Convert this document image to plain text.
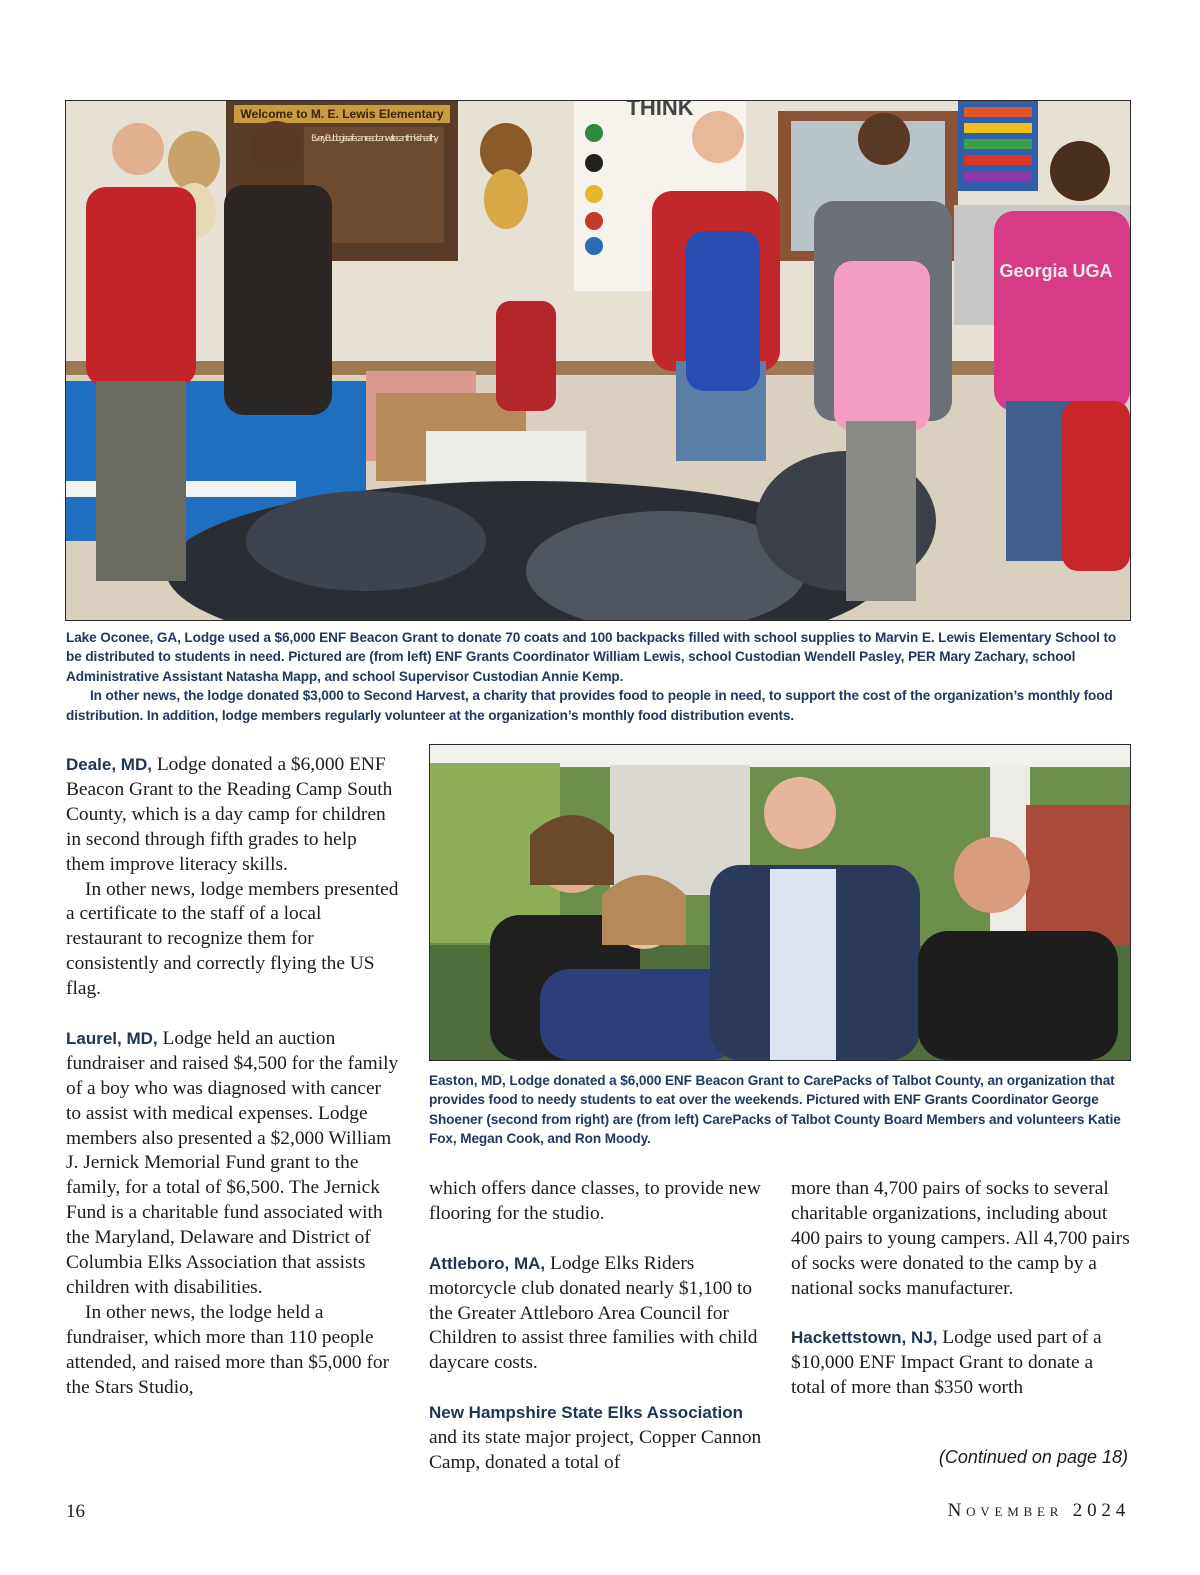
Welcome to M. E. Lewis Elementary
Every Bulldog is safe can read can write can think is healthy
THINK
Georgia UGA

Lake Oconee, GA, Lodge used a $6,000 ENF Beacon Grant to donate 70 coats and 100 backpacks filled with school supplies to Marvin E. Lewis Elementary School to be distributed to students in need. Pictured are (from left) ENF Grants Coordinator William Lewis, school Custodian Wendell Pasley, PER Mary Zachary, school Administrative Assistant Natasha Mapp, and school Supervisor Custodian Annie Kemp.

In other news, the lodge donated $3,000 to Second Harvest, a charity that provides food to people in need, to support the cost of the organization’s monthly food distribution. In addition, lodge members regularly volunteer at the organization’s monthly food distribution events.

Easton, MD, Lodge donated a $6,000 ENF Beacon Grant to CarePacks of Talbot County, an organization that provides food to needy students to eat over the weekends. Pictured with ENF Grants Coordinator George Shoener (second from right) are (from left) CarePacks of Talbot County Board Members and volunteers Katie Fox, Megan Cook, and Ron Moody.

Deale, MD, Lodge donated a $6,000 ENF Beacon Grant to the Reading Camp South County, which is a day camp for children in second through fifth grades to help them improve literacy skills.

In other news, lodge members presented a certificate to the staff of a local restaurant to recognize them for consistently and correctly flying the US flag.

Laurel, MD, Lodge held an auction fundraiser and raised $4,500 for the family of a boy who was diagnosed with cancer to assist with medical expenses. Lodge members also presented a $2,000 William J. Jernick Memorial Fund grant to the family, for a total of $6,500. The Jernick Fund is a charitable fund associated with the Maryland, Delaware and District of Columbia Elks Association that assists children with disabilities.

In other news, the lodge held a fundraiser, which more than 110 people attended, and raised more than $5,000 for the Stars Studio,

which offers dance classes, to provide new flooring for the studio.

Attleboro, MA, Lodge Elks Riders motorcycle club donated nearly $1,100 to the Greater Attleboro Area Council for Children to assist three families with child daycare costs.

New Hampshire State Elks Association and its state major project, Copper Cannon Camp, donated a total of

more than 4,700 pairs of socks to several charitable organizations, including about 400 pairs to young campers. All 4,700 pairs of socks were donated to the camp by a national socks manufacturer.

Hackettstown, NJ, Lodge used part of a $10,000 ENF Impact Grant to donate a total of more than $350 worth

(Continued on page 18)
16	November 2024
